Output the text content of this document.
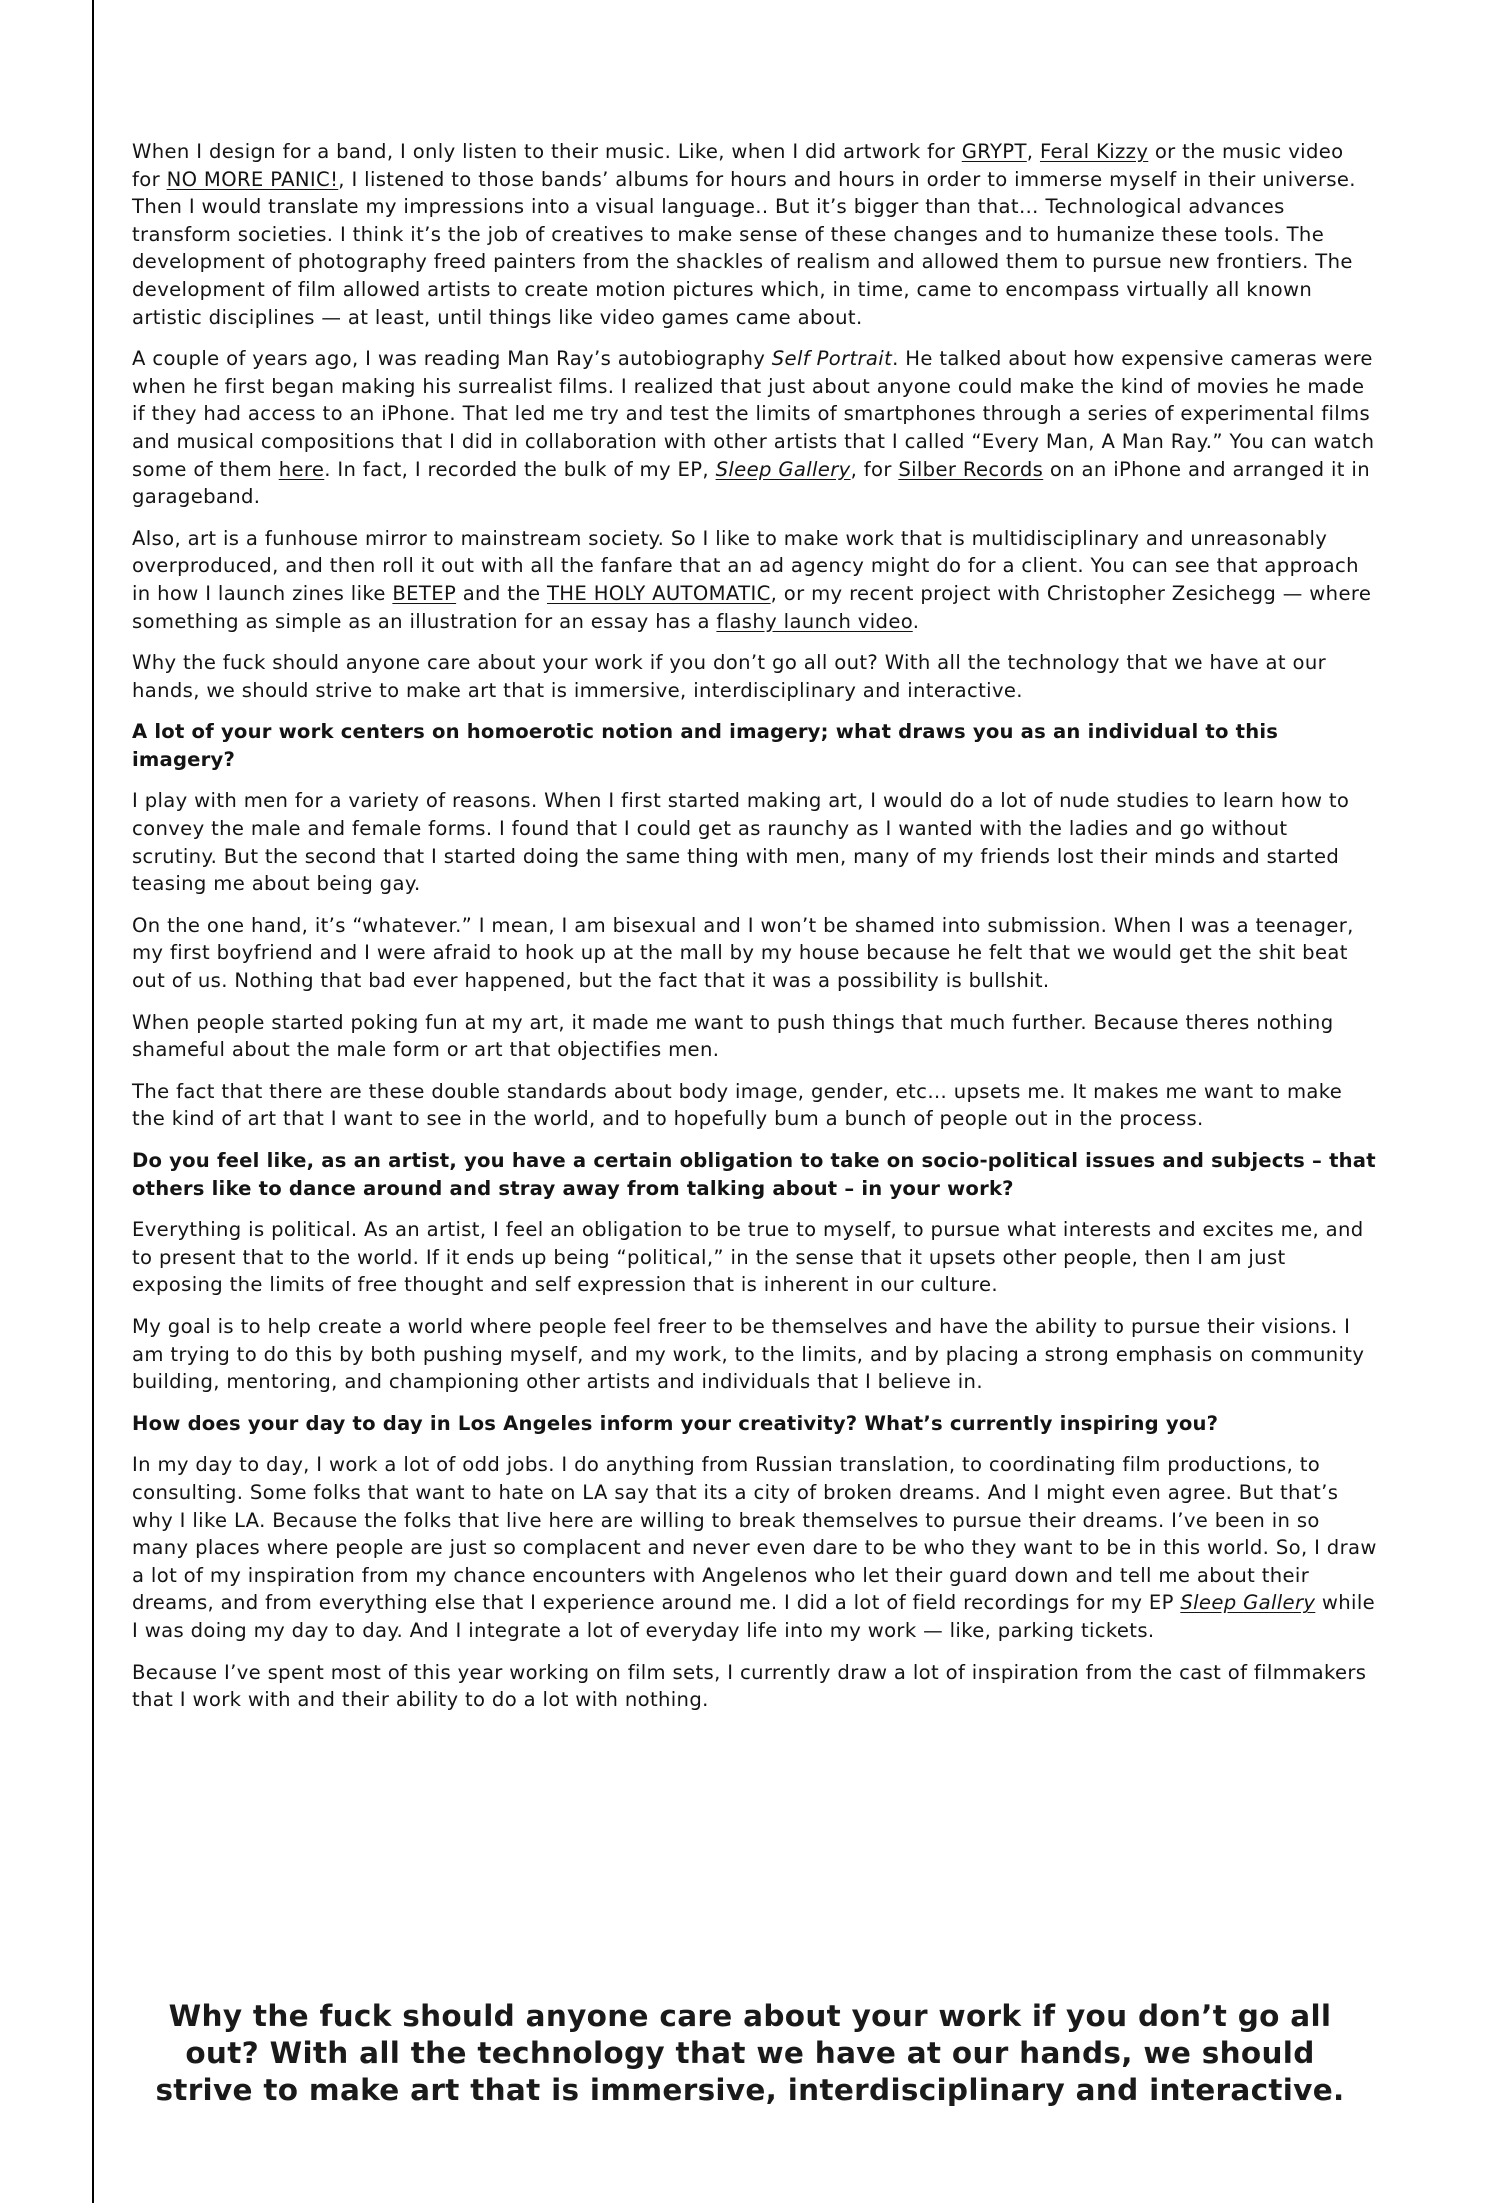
When I design for a band, I only listen to their music. Like, when I did artwork for GRYPT, Feral Kizzy or the music video for NO MORE PANIC!, I listened to those bands’ albums for hours and hours in order to immerse myself in their universe. Then I would translate my impressions into a visual language.. But it’s bigger than that… Technological advances transform societies. I think it’s the job of creatives to make sense of these changes and to humanize these tools. The development of photography freed painters from the shackles of realism and allowed them to pursue new frontiers. The development of film allowed artists to create motion pictures which, in time, came to encompass virtually all known artistic disciplines — at least, until things like video games came about.

A couple of years ago, I was reading Man Ray’s autobiography Self Portrait. He talked about how expensive cameras were when he first began making his surrealist films. I realized that just about anyone could make the kind of movies he made if they had access to an iPhone. That led me try and test the limits of smartphones through a series of experimental films and musical compositions that I did in collaboration with other artists that I called “Every Man, A Man Ray.” You can watch some of them here. In fact, I recorded the bulk of my EP, Sleep Gallery, for Silber Records on an iPhone and arranged it in garageband.

Also, art is a funhouse mirror to mainstream society. So I like to make work that is multidisciplinary and unreasonably overproduced, and then roll it out with all the fanfare that an ad agency might do for a client. You can see that approach in how I launch zines like BETEP and the THE HOLY AUTOMATIC, or my recent project with Christopher Zesichegg — where something as simple as an illustration for an essay has a flashy launch video.

Why the fuck should anyone care about your work if you don’t go all out? With all the technology that we have at our hands, we should strive to make art that is immersive, interdisciplinary and interactive.

A lot of your work centers on homoerotic notion and imagery; what draws you as an individual to this imagery?

I play with men for a variety of reasons. When I first started making art, I would do a lot of nude studies to learn how to convey the male and female forms. I found that I could get as raunchy as I wanted with the ladies and go without scrutiny. But the second that I started doing the same thing with men, many of my friends lost their minds and started teasing me about being gay.

On the one hand, it’s “whatever.” I mean, I am bisexual and I won’t be shamed into submission. When I was a teenager, my first boyfriend and I were afraid to hook up at the mall by my house because he felt that we would get the shit beat out of us. Nothing that bad ever happened, but the fact that it was a possibility is bullshit.

When people started poking fun at my art, it made me want to push things that much further. Because theres nothing shameful about the male form or art that objectifies men.

The fact that there are these double standards about body image, gender, etc… upsets me. It makes me want to make the kind of art that I want to see in the world, and to hopefully bum a bunch of people out in the process.

Do you feel like, as an artist, you have a certain obligation to take on socio-political issues and subjects – that others like to dance around and stray away from talking about – in your work?

Everything is political. As an artist, I feel an obligation to be true to myself, to pursue what interests and excites me, and to present that to the world. If it ends up being “political,” in the sense that it upsets other people, then I am just exposing the limits of free thought and self expression that is inherent in our culture.

My goal is to help create a world where people feel freer to be themselves and have the ability to pursue their visions. I am trying to do this by both pushing myself, and my work, to the limits, and by placing a strong emphasis on community building, mentoring, and championing other artists and individuals that I believe in.

How does your day to day in Los Angeles inform your creativity? What’s currently inspiring you?

In my day to day, I work a lot of odd jobs. I do anything from Russian translation, to coordinating film productions, to consulting. Some folks that want to hate on LA say that its a city of broken dreams. And I might even agree. But that’s why I like LA. Because the folks that live here are willing to break themselves to pursue their dreams. I’ve been in so many places where people are just so complacent and never even dare to be who they want to be in this world. So, I draw a lot of my inspiration from my chance encounters with Angelenos who let their guard down and tell me about their dreams, and from everything else that I experience around me. I did a lot of field recordings for my EP Sleep Gallery while I was doing my day to day. And I integrate a lot of everyday life into my work — like, parking tickets.

Because I’ve spent most of this year working on film sets, I currently draw a lot of inspiration from the cast of filmmakers that I work with and their ability to do a lot with nothing.

Why the fuck should anyone care about your work if you don’t go all out? With all the technology that we have at our hands, we should strive to make art that is immersive, interdisciplinary and interactive.
